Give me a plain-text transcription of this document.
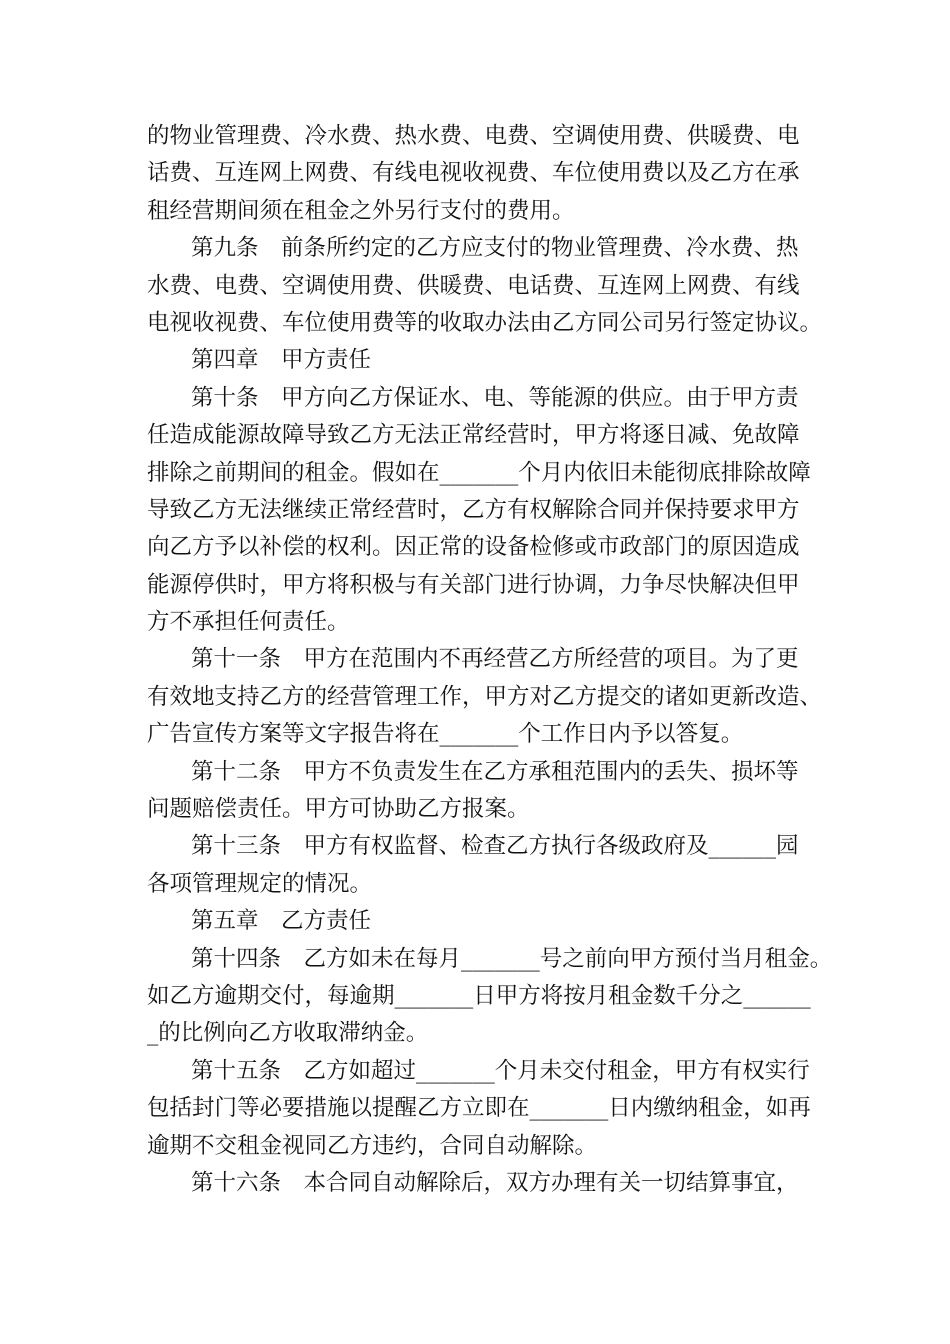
的物业管理费、冷水费、热水费、电费、空调使用费、供暖费、电
话费、互连网上网费、有线电视收视费、车位使用费以及乙方在承
租经营期间须在租金之外另行支付的费用。
第九条　前条所约定的乙方应支付的物业管理费、冷水费、热
水费、电费、空调使用费、供暖费、电话费、互连网上网费、有线
电视收视费、车位使用费等的收取办法由乙方同公司另行签定协议。
第四章　甲方责任
第十条　甲方向乙方保证水、电、等能源的供应。由于甲方责
任造成能源故障导致乙方无法正常经营时，甲方将逐日减、免故障
排除之前期间的租金。假如在_______个月内依旧未能彻底排除故障
导致乙方无法继续正常经营时，乙方有权解除合同并保持要求甲方
向乙方予以补偿的权利。因正常的设备检修或市政部门的原因造成
能源停供时，甲方将积极与有关部门进行协调，力争尽快解决但甲
方不承担任何责任。
第十一条　甲方在范围内不再经营乙方所经营的项目。为了更
有效地支持乙方的经营管理工作，甲方对乙方提交的诸如更新改造、
广告宣传方案等文字报告将在_______个工作日内予以答复。
第十二条　甲方不负责发生在乙方承租范围内的丢失、损坏等
问题赔偿责任。甲方可协助乙方报案。
第十三条　甲方有权监督、检查乙方执行各级政府及______园
各项管理规定的情况。
第五章　乙方责任
第十四条　乙方如未在每月_______号之前向甲方预付当月租金。
如乙方逾期交付，每逾期_______日甲方将按月租金数千分之______
_的比例向乙方收取滞纳金。
第十五条　乙方如超过_______个月未交付租金，甲方有权实行
包括封门等必要措施以提醒乙方立即在_______日内缴纳租金，如再
逾期不交租金视同乙方违约，合同自动解除。
第十六条　本合同自动解除后，双方办理有关一切结算事宜，
